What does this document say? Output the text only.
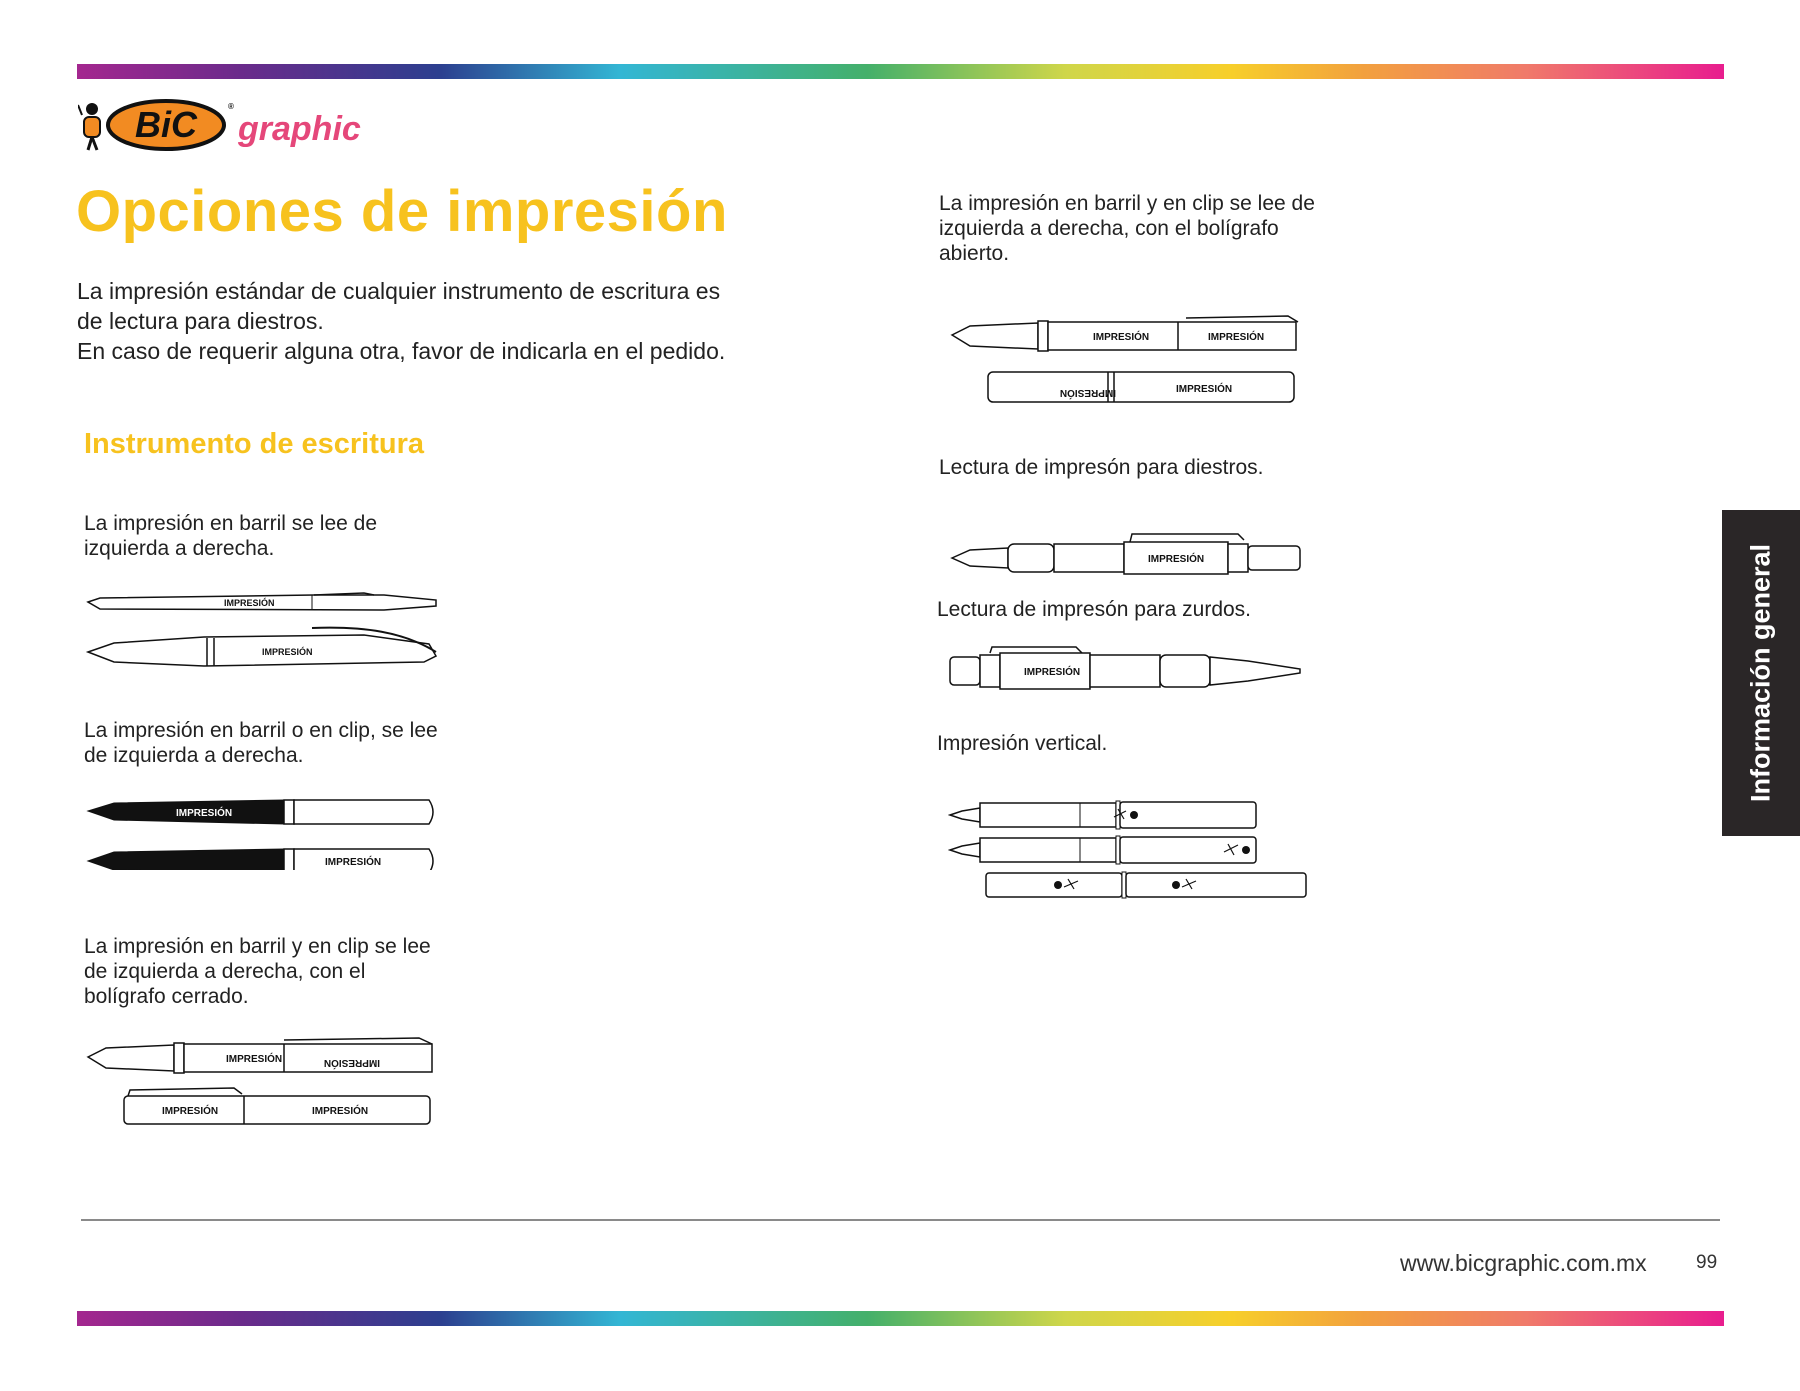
BiC	®
graphic
Opciones de impresión

La impresión estándar de cualquier instrumento de escritura es de lectura para diestros.

En caso de requerir alguna otra, favor de indicarla en el pedido.

Instrumento de escritura
La impresión en barril se lee de izquierda a derecha.
IMPRESIÓN
IMPRESIÓN
La impresión en barril o en clip, se lee de izquierda a derecha.
IMPRESIÓN
IMPRESIÓN
La impresión en barril y en clip se lee de izquierda a derecha, con el bolígrafo cerrado.
IMPRESIÓN	IMPRESIÓN
IMPRESIÓN	IMPRESIÓN
La impresión en barril y en clip se lee de izquierda a derecha, con el bolígrafo abierto.
IMPRESIÓN	IMPRESIÓN
IMPRESIÓN	IMPRESIÓN
Lectura de impresón para diestros.
IMPRESIÓN
Lectura de impresón para zurdos.
IMPRESIÓN
Impresión vertical.	Información general
www.bicgraphic.com.mx	99
